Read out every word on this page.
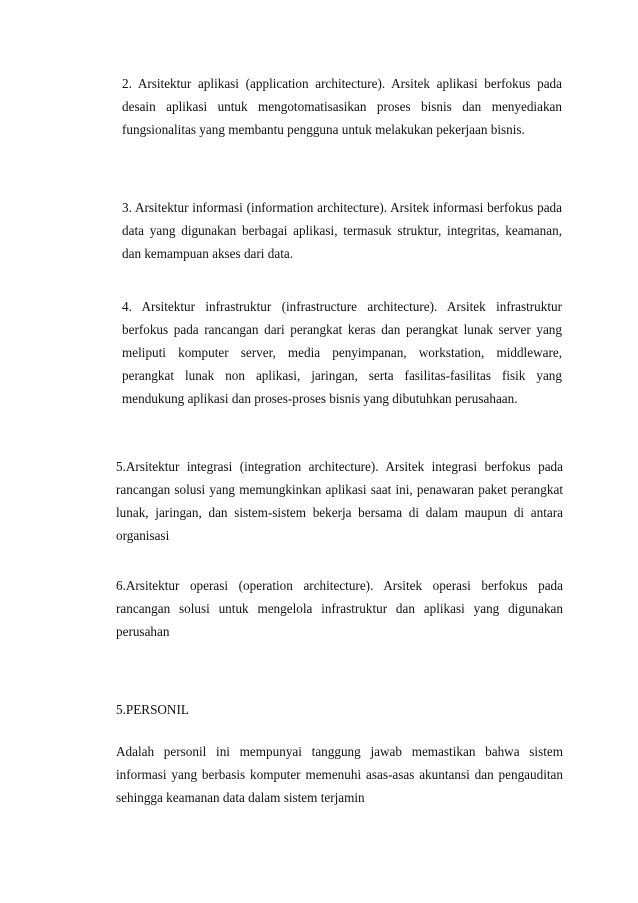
2. Arsitektur aplikasi (application architecture). Arsitek aplikasi berfokus pada desain aplikasi untuk mengotomatisasikan proses bisnis dan menyediakan fungsionalitas yang membantu pengguna untuk melakukan pekerjaan bisnis.

3. Arsitektur informasi (information architecture). Arsitek informasi berfokus pada data yang digunakan berbagai aplikasi, termasuk struktur, integritas, keamanan, dan kemampuan akses dari data.

4. Arsitektur infrastruktur (infrastructure architecture). Arsitek infrastruktur berfokus pada rancangan dari perangkat keras dan perangkat lunak server yang meliputi komputer server, media penyimpanan, workstation, middleware, perangkat lunak non aplikasi, jaringan, serta fasilitas-fasilitas fisik yang mendukung aplikasi dan proses-proses bisnis yang dibutuhkan perusahaan.

5.Arsitektur integrasi (integration architecture). Arsitek integrasi berfokus pada rancangan solusi yang memungkinkan aplikasi saat ini, penawaran paket perangkat lunak, jaringan, dan sistem-sistem bekerja bersama di dalam maupun di antara organisasi

6.Arsitektur operasi (operation architecture). Arsitek operasi berfokus pada rancangan solusi untuk mengelola infrastruktur dan aplikasi yang digunakan perusahan

5.PERSONIL

Adalah personil ini mempunyai tanggung jawab memastikan bahwa sistem informasi yang berbasis komputer memenuhi asas-asas akuntansi dan pengauditan sehingga keamanan data dalam sistem terjamin
